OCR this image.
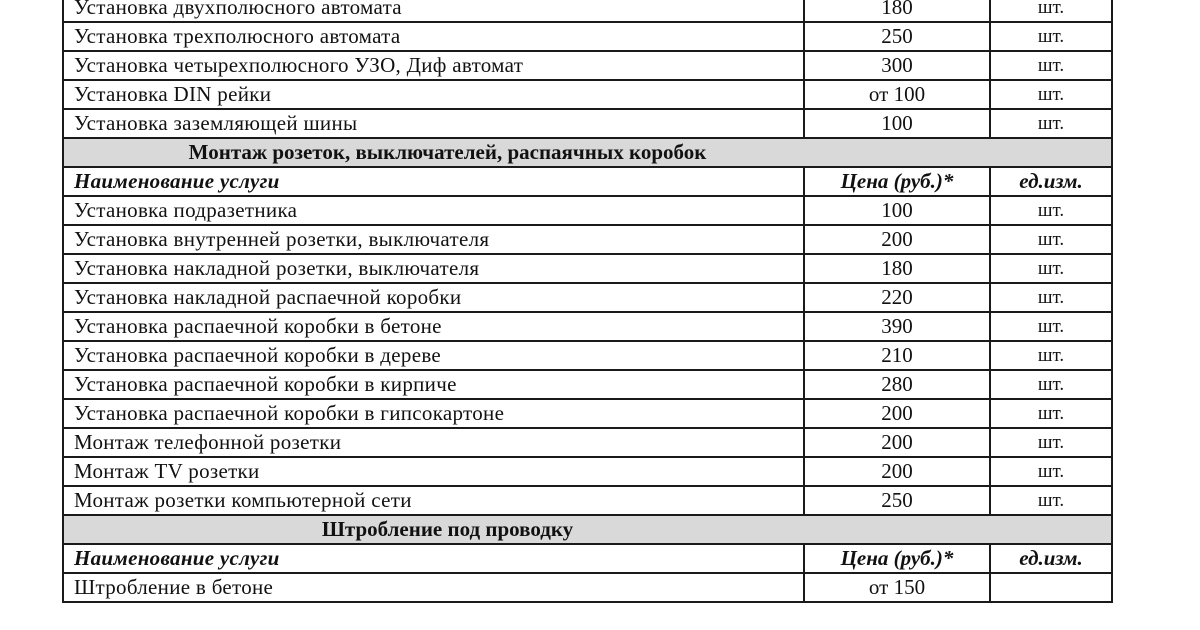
Установка двухполюсного автомата	180	шт.
Установка трехполюсного автомата	250	шт.
Установка четырехполюсного УЗО, Диф автомат	300	шт.
Установка DIN рейки	от 100	шт.
Установка заземляющей шины	100	шт.
Монтаж розеток, выключателей, распаячных коробок		
Наименование услуги	Цена (руб.)*	ед.изм.
Установка подразетника	100	шт.
Установка внутренней розетки, выключателя	200	шт.
Установка накладной розетки, выключателя	180	шт.
Установка накладной распаечной коробки	220	шт.
Установка распаечной коробки в бетоне	390	шт.
Установка распаечной коробки в дереве	210	шт.
Установка распаечной коробки в кирпиче	280	шт.
Установка распаечной коробки в гипсокартоне	200	шт.
Монтаж телефонной розетки	200	шт.
Монтаж TV розетки	200	шт.
Монтаж розетки компьютерной сети	250	шт.
Штробление под проводку		
Наименование услуги	Цена (руб.)*	ед.изм.
Штробление в бетоне	от 150	
